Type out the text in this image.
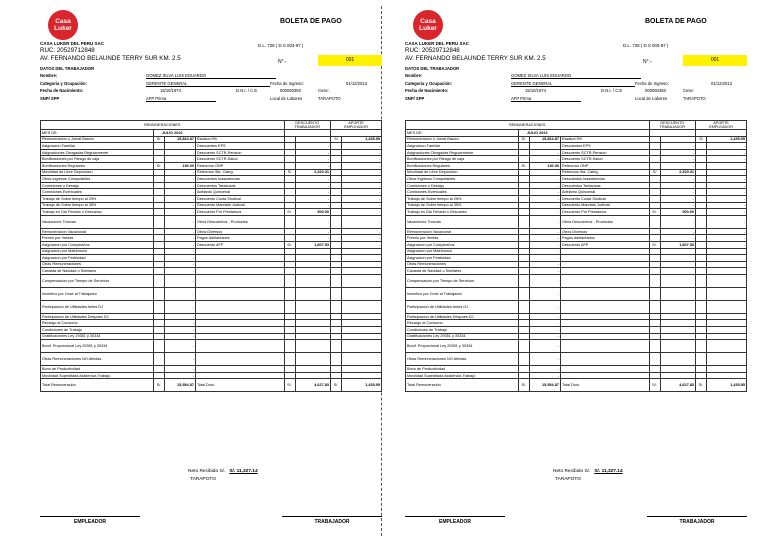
Casa
Luker
BOLETA DE PAGO
CASA LUKER DEL PERU SAC
RUC: 20529712848
AV. FERNANDO BELAUNDE TERRY SUR KM. 2.5
D.L. 728 ( D.S 003-97 )
N°.-	001
DATOS DEL TRABAJADOR
Nombre:	GOMEZ SILVA LUIS EDUARDO
Categoria y Ocupación:	GERENTE GENERAL	Fecha de Ingreso:	01/12/2013
Fecha de Nacimiento:	15/10/1974	D.N.I. / C.E	000060350	Cese:
SNP/ SPP	AFP Prima	Local de Labores	TARAPOTO
REMUNERACIONES				DESCUENTO
TRABAJADOR		APORTE
EMPLEADOR	
MES DE:	JULIO 2022						
Remuneracion o Jornal Basico	S/.	15,824.87	Essalud 9%			S/	1,435.95
Asignacion Familiar		-	Descuentos EPS		-		-
Asignaciones Otorgadas Regularmente		-	Descuento SCTR-Pension		-		-
Bonificaciones por Riesgo de caja		-	Descuento SCTR-Salud		-		-
Bonificaciones Regulares	S/.	130.00	Retencion ONP		-		-
Movilidad de Libre Deposicion		-	Retencion 5ta. Categ.	S/	2,320.31		-
Otros Ingresos Computables		-	Descuentos Inasistencias		-		-
Comisiones o Destajo		-	Descuentos Tardanzas		-		-
Comisiones Eventuales		-	Adelanto Quincenal		-		-
Trabajo de Sobre tiempo al 25%		-	Descuento Cuota Sindical		-		-
Trabajo de Sobre tiempo al 35%		-	Descuento Mandato Judicial		-		-
Trabajo en Dia Feriado o Descanso		-	Descuento Por Prestamos	S/.	500.00		-
Vacaciones Truncas		-	Otros Descuentos - Productos		-		-
Remuneracion Vacacional		-	Otros Diversos		-		-
Premio por Ventas		-	Pagos Adelantados		-		-
Asignacion por Cumpleaños		-	Descuento AFP	S/.	1,807.53		-
Asignacion por Matrimonio		-					
Asignacion por Festividad		-					
Otras Remuneraciones		-					
Canasta de Navidad o Similares		-					
Compensacion por Tiempo de Servicios		-					
Incentivo por Cese al Trabajador		-					
Participacion de Utilidades Antes DJ		-					
Participacion de Utilidades Despues DJ		-					
Recargo al Consumo		-					
Condiciones de Trabajo		-					
Gratificaciones Ley 29351 y 30334		-					
Bonif. Proporcional Ley 29351 y 30334		-					
Otras Remuneraciones NO Afectas		-					
Bono de Productividad		-					
Movilidad Supeditada Asistencia Trabajo		-					
Total Remuneración	S/.	15,954.87	Total Dcto.	S/.	4,627.83	S/.	1,435.95
Neto Recibido S/. S/. 11,327.14
TARAPOTO
EMPLEADOR	TRABAJADOR
Casa
Luker
BOLETA DE PAGO
CASA LUKER DEL PERU SAC
RUC: 20529712848
AV. FERNANDO BELAUNDE TERRY SUR KM. 2.5
D.L. 728 ( D.S 003-97 )
N°.-	001
DATOS DEL TRABAJADOR
Nombre:	GOMEZ SILVA LUIS EDUARDO
Categoria y Ocupación:	GERENTE GENERAL	Fecha de Ingreso:	01/12/2013
Fecha de Nacimiento:	15/10/1974	D.N.I. / C.E	000060350	Cese:
SNP/ SPP	AFP Prima	Local de Labores	TARAPOTO
REMUNERACIONES				DESCUENTO
TRABAJADOR		APORTE
EMPLEADOR	
MES DE:	JULIO 2022						
Remuneracion o Jornal Basico	S/.	15,824.87	Essalud 9%			S/	1,435.95
Asignacion Familiar		-	Descuentos EPS		-		-
Asignaciones Otorgadas Regularmente		-	Descuento SCTR-Pension		-		-
Bonificaciones por Riesgo de caja		-	Descuento SCTR-Salud		-		-
Bonificaciones Regulares	S/.	130.00	Retencion ONP		-		-
Movilidad de Libre Deposicion		-	Retencion 5ta. Categ.	S/	2,320.31		-
Otros Ingresos Computables		-	Descuentos Inasistencias		-		-
Comisiones o Destajo		-	Descuentos Tardanzas		-		-
Comisiones Eventuales		-	Adelanto Quincenal		-		-
Trabajo de Sobre tiempo al 25%		-	Descuento Cuota Sindical		-		-
Trabajo de Sobre tiempo al 35%		-	Descuento Mandato Judicial		-		-
Trabajo en Dia Feriado o Descanso		-	Descuento Por Prestamos	S/.	500.00		-
Vacaciones Truncas		-	Otros Descuentos - Productos		-		-
Remuneracion Vacacional		-	Otros Diversos		-		-
Premio por Ventas		-	Pagos Adelantados		-		-
Asignacion por Cumpleaños		-	Descuento AFP	S/.	1,807.53		-
Asignacion por Matrimonio		-					
Asignacion por Festividad		-					
Otras Remuneraciones		-					
Canasta de Navidad o Similares		-					
Compensacion por Tiempo de Servicios		-					
Incentivo por Cese al Trabajador		-					
Participacion de Utilidades Antes DJ		-					
Participacion de Utilidades Despues DJ		-					
Recargo al Consumo		-					
Condiciones de Trabajo		-					
Gratificaciones Ley 29351 y 30334		-					
Bonif. Proporcional Ley 29351 y 30334		-					
Otras Remuneraciones NO Afectas		-					
Bono de Productividad		-					
Movilidad Supeditada Asistencia Trabajo		-					
Total Remuneración	S/.	15,954.87	Total Dcto.	S/.	4,627.83	S/.	1,435.95
Neto Recibido S/. S/. 11,327.14
TARAPOTO
EMPLEADOR	TRABAJADOR
